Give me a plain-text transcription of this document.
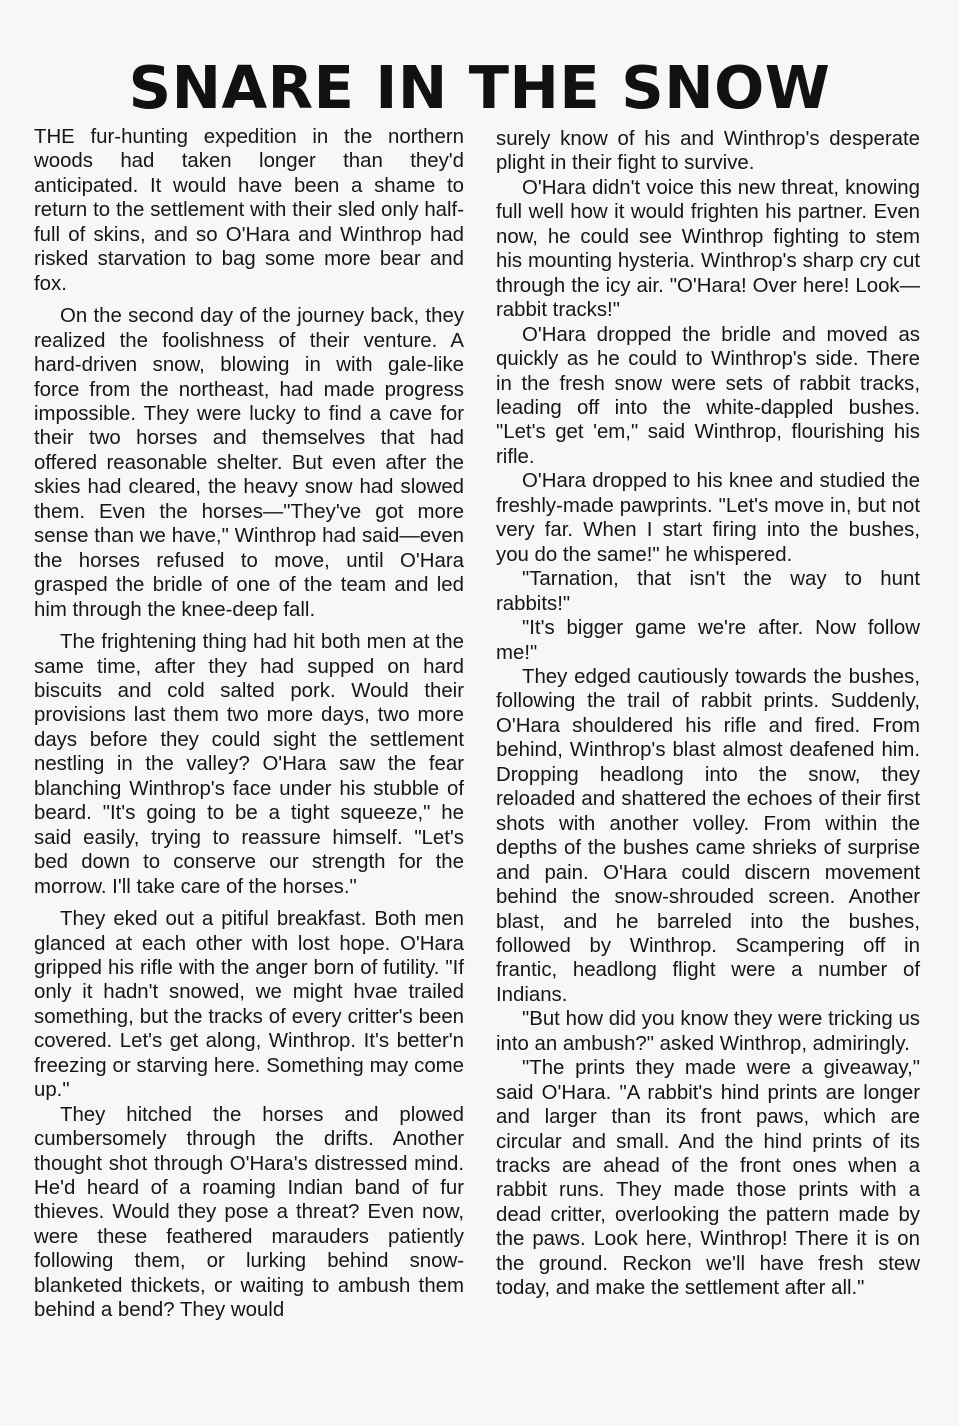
SNARE IN THE SNOW

THE fur-hunting expedition in the northern woods had taken longer than they'd anticipated. It would have been a shame to return to the settlement with their sled only half-full of skins, and so O'Hara and Winthrop had risked starvation to bag some more bear and fox.

On the second day of the journey back, they realized the foolishness of their venture. A hard-driven snow, blowing in with gale-like force from the northeast, had made progress impossible. They were lucky to find a cave for their two horses and themselves that had offered reasonable shelter. But even after the skies had cleared, the heavy snow had slowed them. Even the horses—"They've got more sense than we have," Winthrop had said—even the horses refused to move, until O'Hara grasped the bridle of one of the team and led him through the knee-deep fall.

The frightening thing had hit both men at the same time, after they had supped on hard biscuits and cold salted pork. Would their provisions last them two more days, two more days before they could sight the settlement nestling in the valley? O'Hara saw the fear blanching Winthrop's face under his stubble of beard. "It's going to be a tight squeeze," he said easily, trying to reassure himself. "Let's bed down to conserve our strength for the morrow. I'll take care of the horses."

They eked out a pitiful breakfast. Both men glanced at each other with lost hope. O'Hara gripped his rifle with the anger born of futility. "If only it hadn't snowed, we might hvae trailed something, but the tracks of every critter's been covered. Let's get along, Winthrop. It's better'n freezing or starving here. Something may come up."

They hitched the horses and plowed cumbersomely through the drifts. Another thought shot through O'Hara's distressed mind. He'd heard of a roaming Indian band of fur thieves. Would they pose a threat? Even now, were these feathered marauders patiently following them, or lurking behind snow-blanketed thickets, or waiting to ambush them behind a bend? They would

surely know of his and Winthrop's desperate plight in their fight to survive.

O'Hara didn't voice this new threat, knowing full well how it would frighten his partner. Even now, he could see Winthrop fighting to stem his mounting hysteria. Winthrop's sharp cry cut through the icy air. "O'Hara! Over here! Look—rabbit tracks!"

O'Hara dropped the bridle and moved as quickly as he could to Winthrop's side. There in the fresh snow were sets of rabbit tracks, leading off into the white-dappled bushes. "Let's get 'em," said Winthrop, flourishing his rifle.

O'Hara dropped to his knee and studied the freshly-made pawprints. "Let's move in, but not very far. When I start firing into the bushes, you do the same!" he whispered.

"Tarnation, that isn't the way to hunt rabbits!"

"It's bigger game we're after. Now follow me!"

They edged cautiously towards the bushes, following the trail of rabbit prints. Suddenly, O'Hara shouldered his rifle and fired. From behind, Winthrop's blast almost deafened him. Dropping headlong into the snow, they reloaded and shattered the echoes of their first shots with another volley. From within the depths of the bushes came shrieks of surprise and pain. O'Hara could discern movement behind the snow-shrouded screen. Another blast, and he barreled into the bushes, followed by Winthrop. Scampering off in frantic, headlong flight were a number of Indians.

"But how did you know they were tricking us into an ambush?" asked Winthrop, admiringly.

"The prints they made were a giveaway," said O'Hara. "A rabbit's hind prints are longer and larger than its front paws, which are circular and small. And the hind prints of its tracks are ahead of the front ones when a rabbit runs. They made those prints with a dead critter, overlooking the pattern made by the paws. Look here, Winthrop! There it is on the ground. Reckon we'll have fresh stew today, and make the settlement after all."
